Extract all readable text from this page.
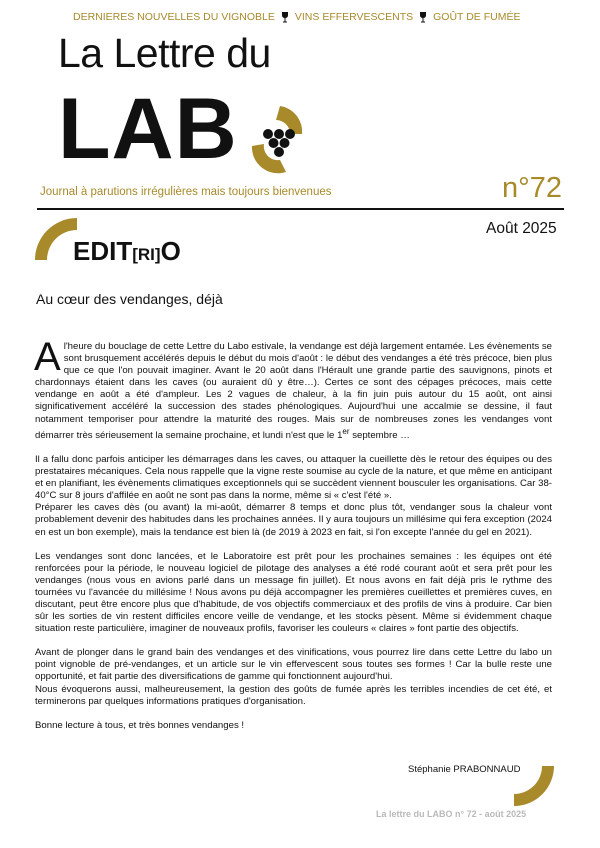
DERNIERES NOUVELLES DU VIGNOBLE VINS EFFERVESCENTS GOÛT DE FUMÉE
La Lettre du
LAB
Journal à parutions irrégulières mais toujours bienvenues	n°72
EDIT[RI]O
Août 2025
Au cœur des vendanges, déjà

Al'heure du bouclage de cette Lettre du Labo estivale, la vendange est déjà largement entamée. Les évènements se sont brusquement accélérés depuis le début du mois d'août : le début des vendanges a été très précoce, bien plus que ce que l'on pouvait imaginer. Avant le 20 août dans l'Hérault une grande partie des sauvignons, pinots et chardonnays étaient dans les caves (ou auraient dû y être…). Certes ce sont des cépages précoces, mais cette vendange en août a été d'ampleur. Les 2 vagues de chaleur, à la fin juin puis autour du 15 août, ont ainsi significativement accéléré la succession des stades phénologiques. Aujourd'hui une accalmie se dessine, il faut notamment temporiser pour attendre la maturité des rouges. Mais sur de nombreuses zones les vendanges vont démarrer très sérieusement la semaine prochaine, et lundi n'est que le 1er septembre …

Il a fallu donc parfois anticiper les démarrages dans les caves, ou attaquer la cueillette dès le retour des équipes ou des prestataires mécaniques. Cela nous rappelle que la vigne reste soumise au cycle de la nature, et que même en anticipant et en planifiant, les évènements climatiques exceptionnels qui se succèdent viennent bousculer les organisations. Car 38-40°C sur 8 jours d'affilée en août ne sont pas dans la norme, même si « c'est l'été ».
Préparer les caves dès (ou avant) la mi-août, démarrer 8 temps et donc plus tôt, vendanger sous la chaleur vont probablement devenir des habitudes dans les prochaines années. Il y aura toujours un millésime qui fera exception (2024 en est un bon exemple), mais la tendance est bien là (de 2019 à 2023 en fait, si l'on excepte l'année du gel en 2021).

Les vendanges sont donc lancées, et le Laboratoire est prêt pour les prochaines semaines : les équipes ont été renforcées pour la période, le nouveau logiciel de pilotage des analyses a été rodé courant août et sera prêt pour les vendanges (nous vous en avions parlé dans un message fin juillet). Et nous avons en fait déjà pris le rythme des tournées vu l'avancée du millésime ! Nous avons pu déjà accompagner les premières cueillettes et premières cuves, en discutant, peut être encore plus que d'habitude, de vos objectifs commerciaux et des profils de vins à produire. Car bien sûr les sorties de vin restent difficiles encore veille de vendange, et les stocks pèsent. Même si évidemment chaque situation reste particulière, imaginer de nouveaux profils, favoriser les couleurs « claires » font partie des objectifs.

Avant de plonger dans le grand bain des vendanges et des vinifications, vous pourrez lire dans cette Lettre du labo un point vignoble de pré-vendanges, et un article sur le vin effervescent sous toutes ses formes ! Car la bulle reste une opportunité, et fait partie des diversifications de gamme qui fonctionnent aujourd'hui.
Nous évoquerons aussi, malheureusement, la gestion des goûts de fumée après les terribles incendies de cet été, et terminerons par quelques informations pratiques d'organisation.

Bonne lecture à tous, et très bonnes vendanges !

Stéphanie PRABONNAUD
La lettre du LABO n° 72 - août 2025
